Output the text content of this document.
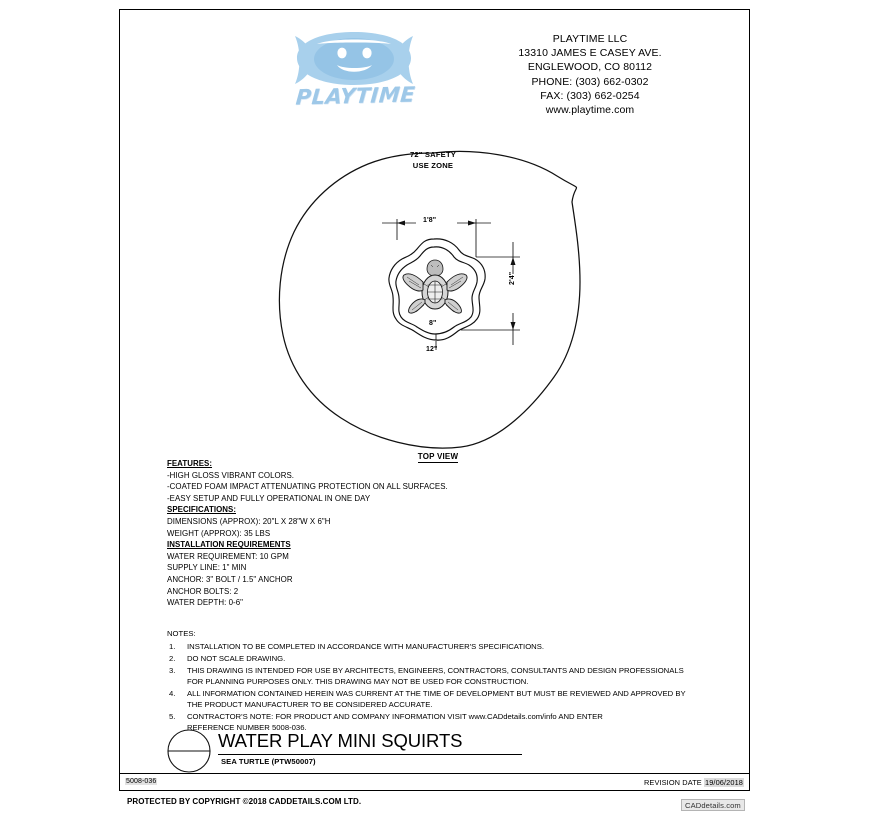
PLAYTIME
PLAYTIME LLC
13310 JAMES E CASEY AVE.
ENGLEWOOD, CO 80112
PHONE: (303) 662-0302
FAX: (303) 662-0254
www.playtime.com
72" SAFETY
USE ZONE
1'8"
2'4"
8"
12"
TOP VIEW
FEATURES:
-HIGH GLOSS VIBRANT COLORS.
-COATED FOAM IMPACT ATTENUATING PROTECTION ON ALL SURFACES.
-EASY SETUP AND FULLY OPERATIONAL IN ONE DAY
SPECIFICATIONS:
DIMENSIONS (APPROX): 20"L X 28"W X 6"H
WEIGHT (APPROX): 35 LBS
INSTALLATION REQUIREMENTS
WATER REQUIREMENT: 10 GPM
SUPPLY LINE: 1" MIN
ANCHOR: 3" BOLT / 1.5" ANCHOR
ANCHOR BOLTS: 2
WATER DEPTH: 0-6"
NOTES:
1. INSTALLATION TO BE COMPLETED IN ACCORDANCE WITH MANUFACTURER'S SPECIFICATIONS.
2. DO NOT SCALE DRAWING.
3. THIS DRAWING IS INTENDED FOR USE BY ARCHITECTS, ENGINEERS, CONTRACTORS, CONSULTANTS AND DESIGN PROFESSIONALS
FOR PLANNING PURPOSES ONLY. THIS DRAWING MAY NOT BE USED FOR CONSTRUCTION.
4. ALL INFORMATION CONTAINED HEREIN WAS CURRENT AT THE TIME OF DEVELOPMENT BUT MUST BE REVIEWED AND APPROVED BY
THE PRODUCT MANUFACTURER TO BE CONSIDERED ACCURATE.
5. CONTRACTOR'S NOTE: FOR PRODUCT AND COMPANY INFORMATION VISIT www.CADdetails.com/info AND ENTER
REFERENCE NUMBER 5008-036.
WATER PLAY MINI SQUIRTS
SEA TURTLE (PTW50007)
5008-036	REVISION DATE 19/06/2018
PROTECTED BY COPYRIGHT ©2018 CADDETAILS.COM LTD.	CADdetails.com
